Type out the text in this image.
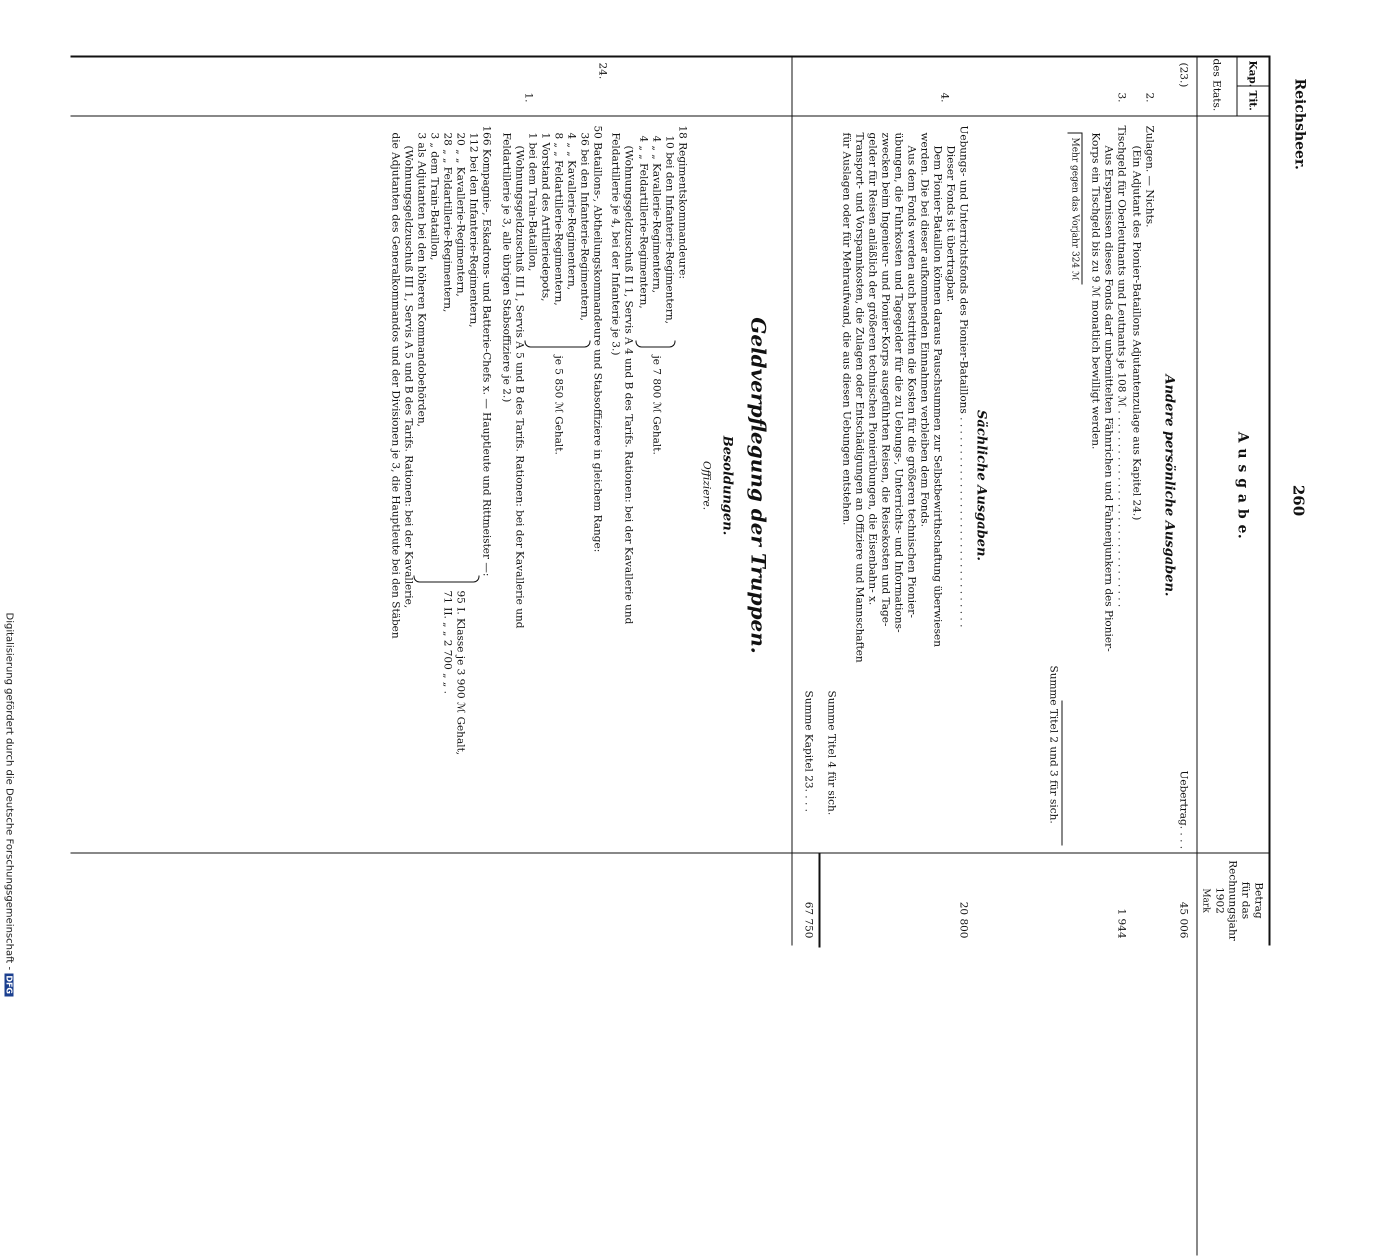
Reichsheer.
260
Kap.
Tit.
des Etats.
A u s g a b e.
Betrag
für das
Rechnungsjahr
1902
Mark
(23.)
2.
3.
4.
24.
1.
Uebertrag. . . .
45 006
Andere persönliche Ausgaben.
Zulagen. — Nichts.
(Ein Adjutant des Pionier-Bataillons Adjutantenzulage aus Kapitel 24.)
Tischgeld für Oberleutnants und Leutnants je 108 ℳ . . . . . . . . . . . . . . . . . . . . . . . . . . . . . .
Aus Ersparnissen dieses Fonds darf unbemittelten Fähnrichen und Fahnenjunkern des Pionier-
Korps ein Tischgeld bis zu 9 ℳ monatlich bewilligt werden.
1 944
Mehr gegen das Vorjahr 324 ℳ
Summe Titel 2 und 3 für sich.
Sächliche Ausgaben.
Uebungs- und Unterrichtsfonds des Pionier-Bataillons . . . . . . . . . . . . . . . . . . . . . . . . . . . . . . . .
Dieser Fonds ist übertragbar.
Dem Pionier-Bataillon können daraus Pauschsummen zur Selbstbewirthschaftung überwiesen
werden. Die bei dieser aufkommenden Einnahmen verbleiben dem Fonds.
Aus dem Fonds werden auch bestritten die Kosten für die größeren technischen Pionier-
übungen, die Fuhrkosten und Tagegelder für die zu Uebungs-, Unterrichts- und Informations-
zwecken beim Ingenieur- und Pionier-Korps ausgeführten Reisen, die Reisekosten und Tage-
gelder für Reisen anläßlich der größeren technischen Pionierübungen, die Eisenbahn- x.
Transport- und Vorspannkosten, die Zulagen oder Entschädigungen an Offiziere und Mannschaften
für Auslagen oder für Mehraufwand, die aus diesen Uebungen entstehen.
20 800
Summe Titel 4 für sich.
Summe Kapitel 23. . . .
67 750
Geldverpflegung der Truppen.
Besoldungen.
Offiziere.
18 Regimentskommandeure:
10 bei den Infanterie-Regimentern,
4 „ „ Kavallerie-Regimentern,
4 „ „ Feldartillerie-Regimentern,
je 7 800 ℳ Gehalt.
(Wohnungsgeldzuschuß II 1, Servis A 4 und B des Tarifs. Rationen: bei der Kavallerie und
Feldartillerie je 4, bei der Infanterie je 3.)
50 Bataillons-, Abtheilungskommandeure und Stabsoffiziere in gleichem Range:
36 bei den Infanterie-Regimentern,
4 „ „ Kavallerie-Regimentern,
8 „ „ Feldartillerie-Regimentern,
1 Vorstand des Artilleriedepots,
1 bei dem Train-Bataillon,
je 5 850 ℳ Gehalt.
(Wohnungsgeldzuschuß III 1, Servis A 5 und B des Tarifs. Rationen: bei der Kavallerie und
Feldartillerie je 3, alle übrigen Stabsoffiziere je 2.)
166 Kompagnie-, Eskadrons- und Batterie-Chefs x. — Hauptleute und Rittmeister —:
112 bei den Infanterie-Regimentern,
20 „ „ Kavallerie-Regimentern,
28 „ „ Feldartillerie-Regimentern,
3 „ dem Train-Bataillon,
3 als Adjutanten bei den höheren Kommandobehörden,
95 I. Klasse je 3 900 ℳ Gehalt,
71 II. „ „ 2 700 „ „ .
(Wohnungsgeldzuschuß III 1, Servis A 5 und B des Tarifs. Rationen: bei der Kavallerie,
die Adjutanten des Generalkommandos und der Divisionen je 3, die Hauptleute bei den Stäben
Digitalisierung gefördert durch die Deutsche Forschungsgemeinschaft - DFG
